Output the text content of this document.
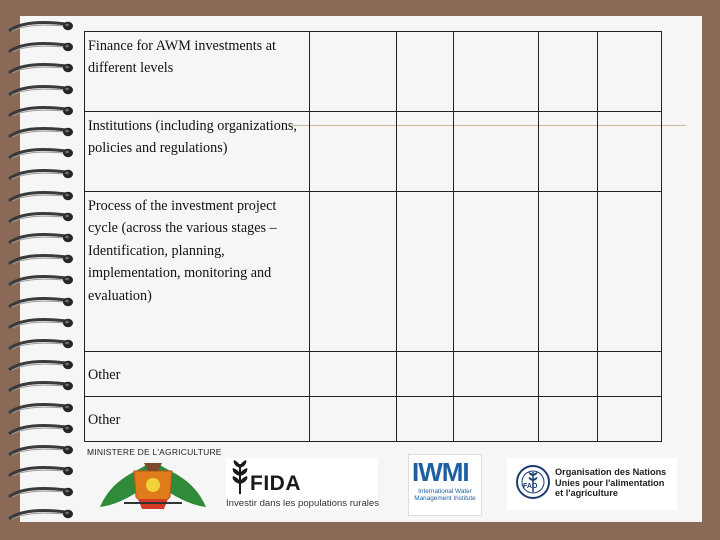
Finance for AWM investments at different levels					
Institutions (including organizations, policies and regulations)					
Process of the investment project cycle (across the various stages – Identification, planning, implementation, monitoring and evaluation)					
Other					
Other					
MINISTERE DE L'AGRICULTURE
FIDA
Investir dans les populations rurales
IWMI
International Water Management Institute
FAO
Organisation des Nations Unies pour l'alimentation et l'agriculture
